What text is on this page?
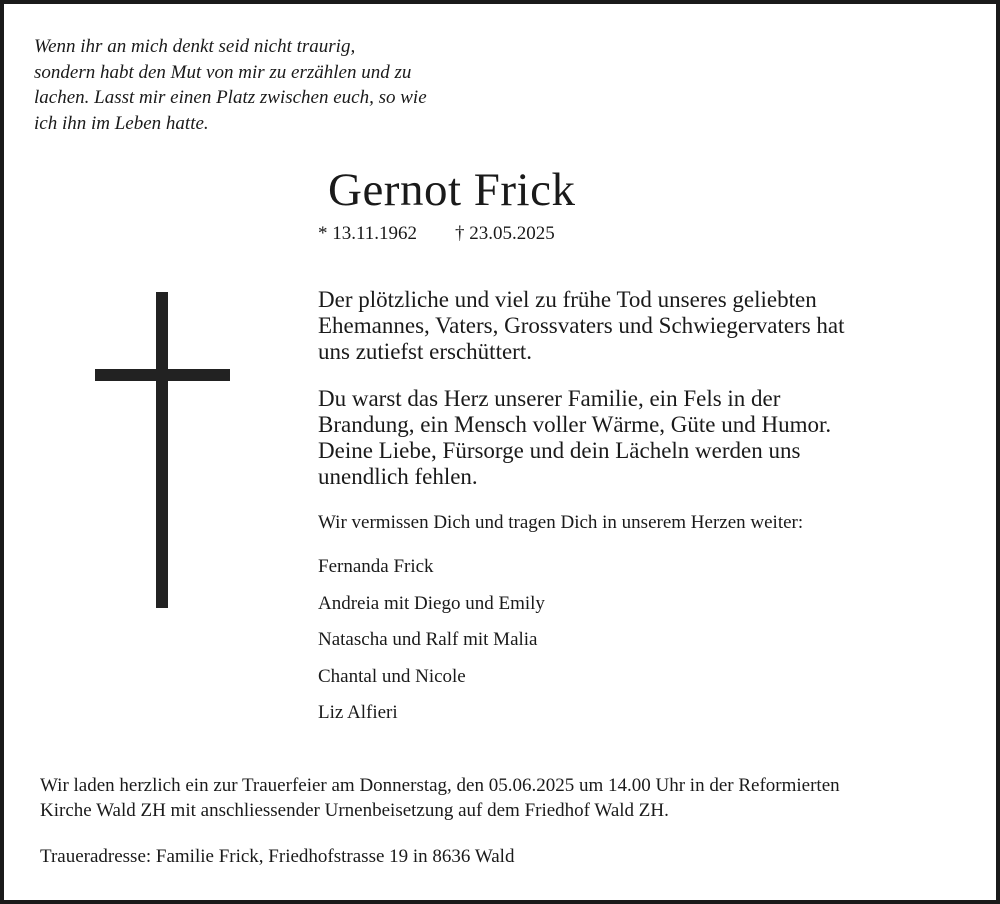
Wenn ihr an mich denkt seid nicht traurig,
sondern habt den Mut von mir zu erzählen und zu
lachen. Lasst mir einen Platz zwischen euch, so wie
ich ihn im Leben hatte.
Gernot Frick
* 13.11.1962 † 23.05.2025
Der plötzliche und viel zu frühe Tod unseres geliebten
Ehemannes, Vaters, Grossvaters und Schwiegervaters hat
uns zutiefst erschüttert.
Du warst das Herz unserer Familie, ein Fels in der
Brandung, ein Mensch voller Wärme, Güte und Humor.
Deine Liebe, Fürsorge und dein Lächeln werden uns
unendlich fehlen.
Wir vermissen Dich und tragen Dich in unserem Herzen weiter:
Fernanda Frick
Andreia mit Diego und Emily
Natascha und Ralf mit Malia
Chantal und Nicole
Liz Alfieri
Wir laden herzlich ein zur Trauerfeier am Donnerstag, den 05.06.2025 um 14.00 Uhr in der Reformierten
Kirche Wald ZH mit anschliessender Urnenbeisetzung auf dem Friedhof Wald ZH.
Traueradresse: Familie Frick, Friedhofstrasse 19 in 8636 Wald
